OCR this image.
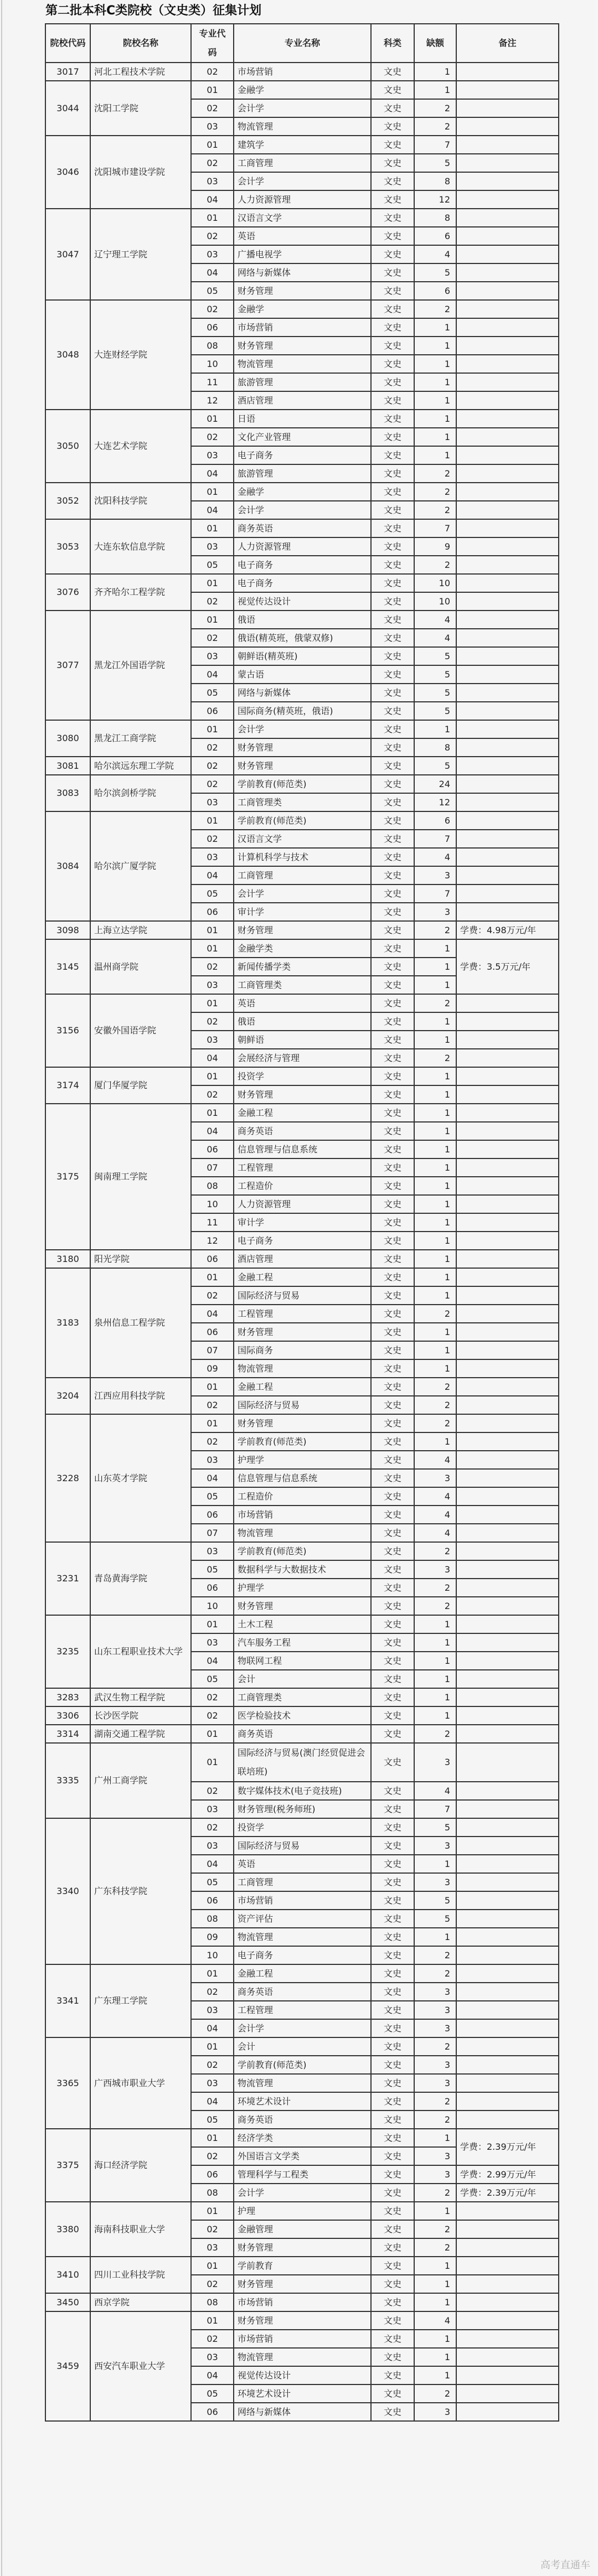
第二批本科C类院校（文史类）征集计划
院校代码	院校名称	专业代码	专业名称	科类	缺额	备注
3017	河北工程技术学院	02	市场营销	文史	1	
3044	沈阳工学院	01	金融学	文史	1	
		02	会计学	文史	2	
		03	物流管理	文史	2	
3046	沈阳城市建设学院	01	建筑学	文史	7	
		02	工商管理	文史	5	
		03	会计学	文史	8	
		04	人力资源管理	文史	12	
3047	辽宁理工学院	01	汉语言文学	文史	8	
		02	英语	文史	6	
		03	广播电视学	文史	4	
		04	网络与新媒体	文史	5	
		05	财务管理	文史	6	
3048	大连财经学院	02	金融学	文史	2	
		06	市场营销	文史	1	
		08	财务管理	文史	1	
		10	物流管理	文史	1	
		11	旅游管理	文史	1	
		12	酒店管理	文史	1	
3050	大连艺术学院	01	日语	文史	1	
		02	文化产业管理	文史	1	
		03	电子商务	文史	1	
		04	旅游管理	文史	2	
3052	沈阳科技学院	01	金融学	文史	2	
		04	会计学	文史	2	
3053	大连东软信息学院	01	商务英语	文史	7	
		03	人力资源管理	文史	9	
		05	电子商务	文史	2	
3076	齐齐哈尔工程学院	01	电子商务	文史	10	
		02	视觉传达设计	文史	10	
3077	黑龙江外国语学院	01	俄语	文史	4	
		02	俄语(精英班，俄蒙双修)	文史	4	
		03	朝鲜语(精英班)	文史	5	
		04	蒙古语	文史	5	
		05	网络与新媒体	文史	5	
		06	国际商务(精英班，俄语)	文史	5	
3080	黑龙江工商学院	01	会计学	文史	1	
		02	财务管理	文史	8	
3081	哈尔滨远东理工学院	02	财务管理	文史	5	
3083	哈尔滨剑桥学院	02	学前教育(师范类)	文史	24	
		03	工商管理类	文史	12	
3084	哈尔滨广厦学院	01	学前教育(师范类)	文史	6	
		02	汉语言文学	文史	7	
		03	计算机科学与技术	文史	4	
		04	工商管理	文史	3	
		05	会计学	文史	7	
		06	审计学	文史	3	
3098	上海立达学院	01	财务管理	文史	2	学费：4.98万元/年
3145	温州商学院	01	金融学类	文史	1	学费：3.5万元/年
		02	新闻传播学类	文史	1	
		03	工商管理类	文史	1	
3156	安徽外国语学院	01	英语	文史	2	
		02	俄语	文史	1	
		03	朝鲜语	文史	1	
		04	会展经济与管理	文史	2	
3174	厦门华厦学院	01	投资学	文史	1	
		02	财务管理	文史	1	
3175	闽南理工学院	01	金融工程	文史	1	
		04	商务英语	文史	1	
		06	信息管理与信息系统	文史	1	
		07	工程管理	文史	1	
		08	工程造价	文史	1	
		10	人力资源管理	文史	1	
		11	审计学	文史	1	
		12	电子商务	文史	1	
3180	阳光学院	06	酒店管理	文史	1	
3183	泉州信息工程学院	01	金融工程	文史	1	
		02	国际经济与贸易	文史	1	
		04	工程管理	文史	2	
		06	财务管理	文史	1	
		07	国际商务	文史	1	
		09	物流管理	文史	1	
3204	江西应用科技学院	01	金融工程	文史	2	
		02	国际经济与贸易	文史	2	
3228	山东英才学院	01	财务管理	文史	2	
		02	学前教育(师范类)	文史	1	
		03	护理学	文史	4	
		04	信息管理与信息系统	文史	3	
		05	工程造价	文史	4	
		06	市场营销	文史	4	
		07	物流管理	文史	4	
3231	青岛黄海学院	03	学前教育(师范类)	文史	2	
		05	数据科学与大数据技术	文史	3	
		06	护理学	文史	2	
		10	财务管理	文史	2	
3235	山东工程职业技术大学	01	土木工程	文史	1	
		03	汽车服务工程	文史	1	
		04	物联网工程	文史	1	
		05	会计	文史	1	
3283	武汉生物工程学院	02	工商管理类	文史	1	
3306	长沙医学院	02	医学检验技术	文史	1	
3314	湖南交通工程学院	01	商务英语	文史	2	
3335	广州工商学院	01	国际经济与贸易(澳门经贸促进会联培班)	文史	3	
		02	数字媒体技术(电子竞技班)	文史	4	
		03	财务管理(税务师班)	文史	7	
3340	广东科技学院	02	投资学	文史	5	
		03	国际经济与贸易	文史	3	
		04	英语	文史	1	
		05	工商管理	文史	3	
		06	市场营销	文史	5	
		08	资产评估	文史	5	
		09	物流管理	文史	1	
		10	电子商务	文史	2	
3341	广东理工学院	01	金融工程	文史	2	
		02	商务英语	文史	3	
		03	工程管理	文史	3	
		04	会计学	文史	3	
3365	广西城市职业大学	01	会计	文史	2	
		02	学前教育(师范类)	文史	3	
		03	物流管理	文史	3	
		04	环境艺术设计	文史	2	
		05	商务英语	文史	2	
3375	海口经济学院	01	经济学类	文史	1	学费：2.39万元/年
		02	外国语言文学类	文史	3	
		06	管理科学与工程类	文史	3	学费：2.99万元/年
		08	会计学	文史	2	学费：2.39万元/年
3380	海南科技职业大学	01	护理	文史	1	
		02	金融管理	文史	2	
		03	财务管理	文史	2	
3410	四川工业科技学院	01	学前教育	文史	1	
		02	财务管理	文史	1	
3450	西京学院	08	市场营销	文史	1	
3459	西安汽车职业大学	01	财务管理	文史	4	
		02	市场营销	文史	1	
		03	物流管理	文史	1	
		04	视觉传达设计	文史	1	
		05	环境艺术设计	文史	2	
		06	网络与新媒体	文史	3	
高考直通车
